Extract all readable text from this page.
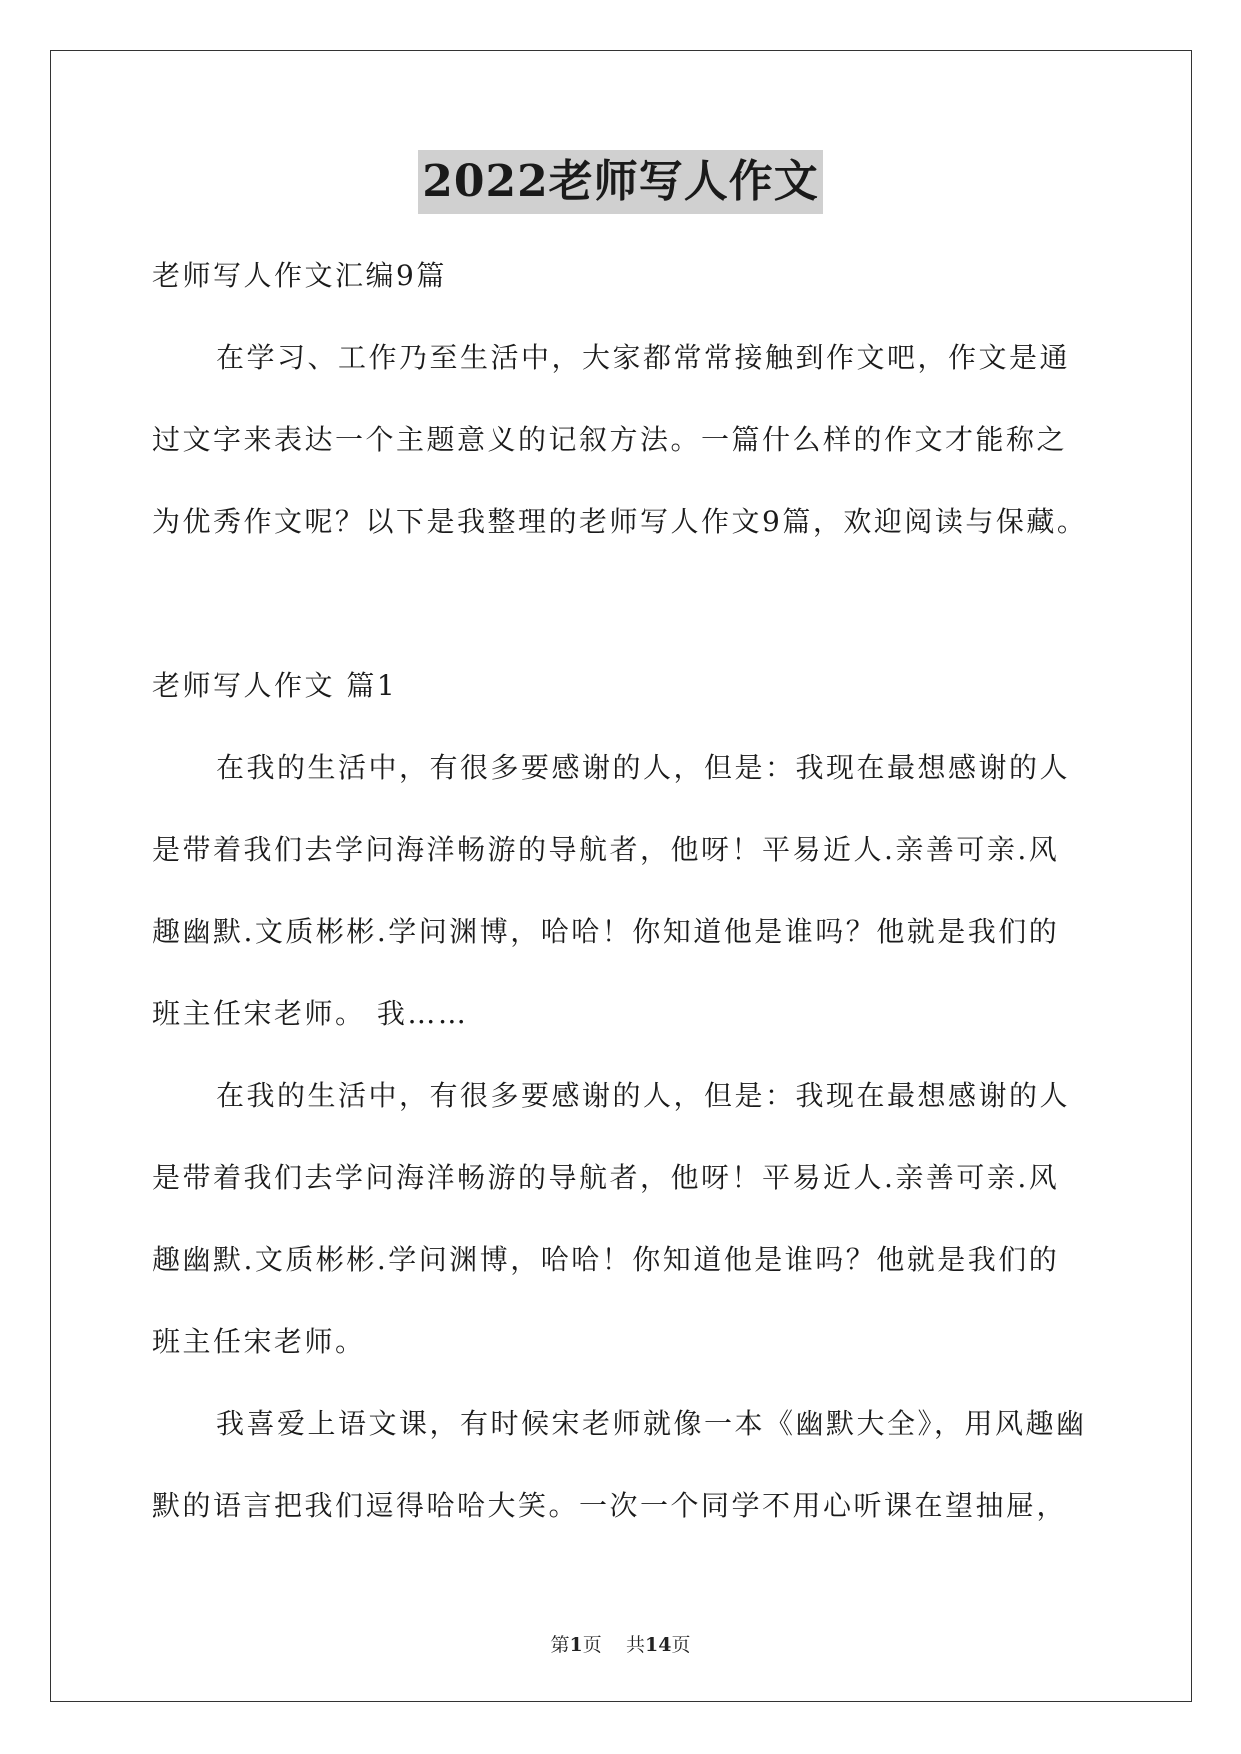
2022老师写人作文
老师写人作文汇编9篇
在学习、工作乃至生活中，大家都常常接触到作文吧，作文是通
过文字来表达一个主题意义的记叙方法。一篇什么样的作文才能称之
为优秀作文呢？以下是我整理的老师写人作文9篇，欢迎阅读与保藏。
老师写人作文 篇1
在我的生活中，有很多要感谢的人，但是：我现在最想感谢的人
是带着我们去学问海洋畅游的导航者，他呀！平易近人.亲善可亲.风
趣幽默.文质彬彬.学问渊博，哈哈！你知道他是谁吗？他就是我们的
班主任宋老师。 我……
在我的生活中，有很多要感谢的人，但是：我现在最想感谢的人
是带着我们去学问海洋畅游的导航者，他呀！平易近人.亲善可亲.风
趣幽默.文质彬彬.学问渊博，哈哈！你知道他是谁吗？他就是我们的
班主任宋老师。
我喜爱上语文课，有时候宋老师就像一本《幽默大全》，用风趣幽
默的语言把我们逗得哈哈大笑。一次一个同学不用心听课在望抽屉，
第1页 共14页
